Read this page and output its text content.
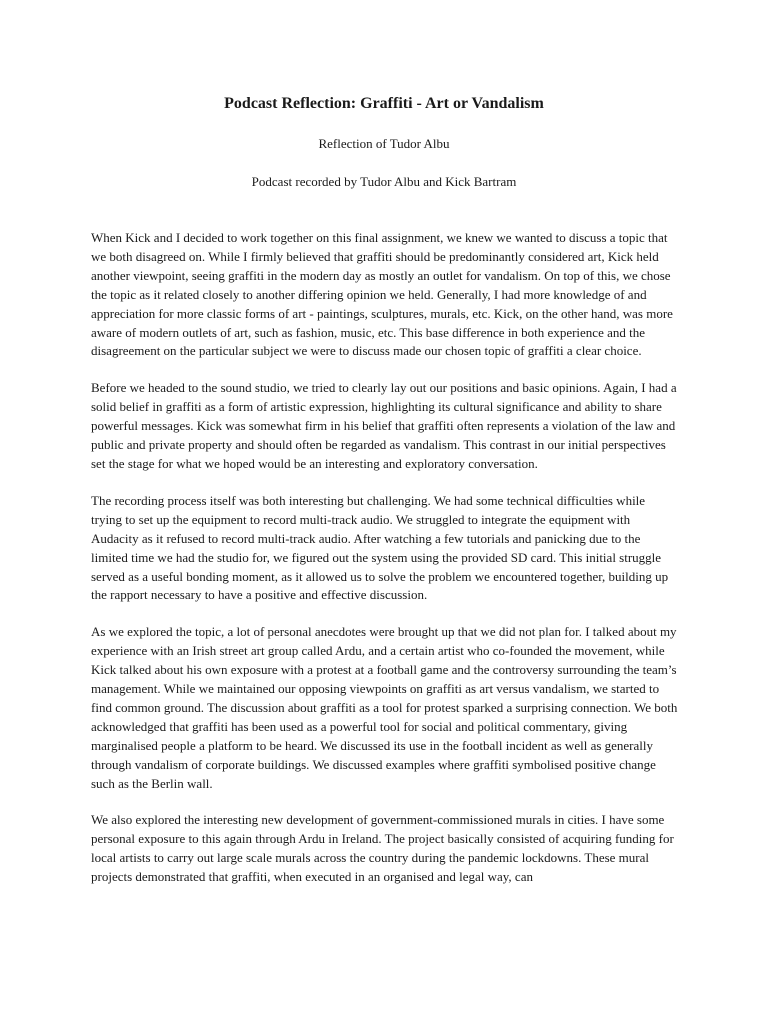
Podcast Reflection: Graffiti - Art or Vandalism
Reflection of Tudor Albu
Podcast recorded by Tudor Albu and Kick Bartram

When Kick and I decided to work together on this final assignment, we knew we wanted to discuss a topic that we both disagreed on. While I firmly believed that graffiti should be predominantly considered art, Kick held another viewpoint, seeing graffiti in the modern day as mostly an outlet for vandalism. On top of this, we chose the topic as it related closely to another differing opinion we held. Generally, I had more knowledge of and appreciation for more classic forms of art - paintings, sculptures, murals, etc. Kick, on the other hand, was more aware of modern outlets of art, such as fashion, music, etc. This base difference in both experience and the disagreement on the particular subject we were to discuss made our chosen topic of graffiti a clear choice.

Before we headed to the sound studio, we tried to clearly lay out our positions and basic opinions. Again, I had a solid belief in graffiti as a form of artistic expression, highlighting its cultural significance and ability to share powerful messages. Kick was somewhat firm in his belief that graffiti often represents a violation of the law and public and private property and should often be regarded as vandalism. This contrast in our initial perspectives set the stage for what we hoped would be an interesting and exploratory conversation.

The recording process itself was both interesting but challenging. We had some technical difficulties while trying to set up the equipment to record multi-track audio. We struggled to integrate the equipment with Audacity as it refused to record multi-track audio. After watching a few tutorials and panicking due to the limited time we had the studio for, we figured out the system using the provided SD card. This initial struggle served as a useful bonding moment, as it allowed us to solve the problem we encountered together, building up the rapport necessary to have a positive and effective discussion.

As we explored the topic, a lot of personal anecdotes were brought up that we did not plan for. I talked about my experience with an Irish street art group called Ardu, and a certain artist who co-founded the movement, while Kick talked about his own exposure with a protest at a football game and the controversy surrounding the team’s management. While we maintained our opposing viewpoints on graffiti as art versus vandalism, we started to find common ground. The discussion about graffiti as a tool for protest sparked a surprising connection. We both acknowledged that graffiti has been used as a powerful tool for social and political commentary, giving marginalised people a platform to be heard. We discussed its use in the football incident as well as generally through vandalism of corporate buildings. We discussed examples where graffiti symbolised positive change such as the Berlin wall.

We also explored the interesting new development of government-commissioned murals in cities. I have some personal exposure to this again through Ardu in Ireland. The project basically consisted of acquiring funding for local artists to carry out large scale murals across the country during the pandemic lockdowns. These mural projects demonstrated that graffiti, when executed in an organised and legal way, can
